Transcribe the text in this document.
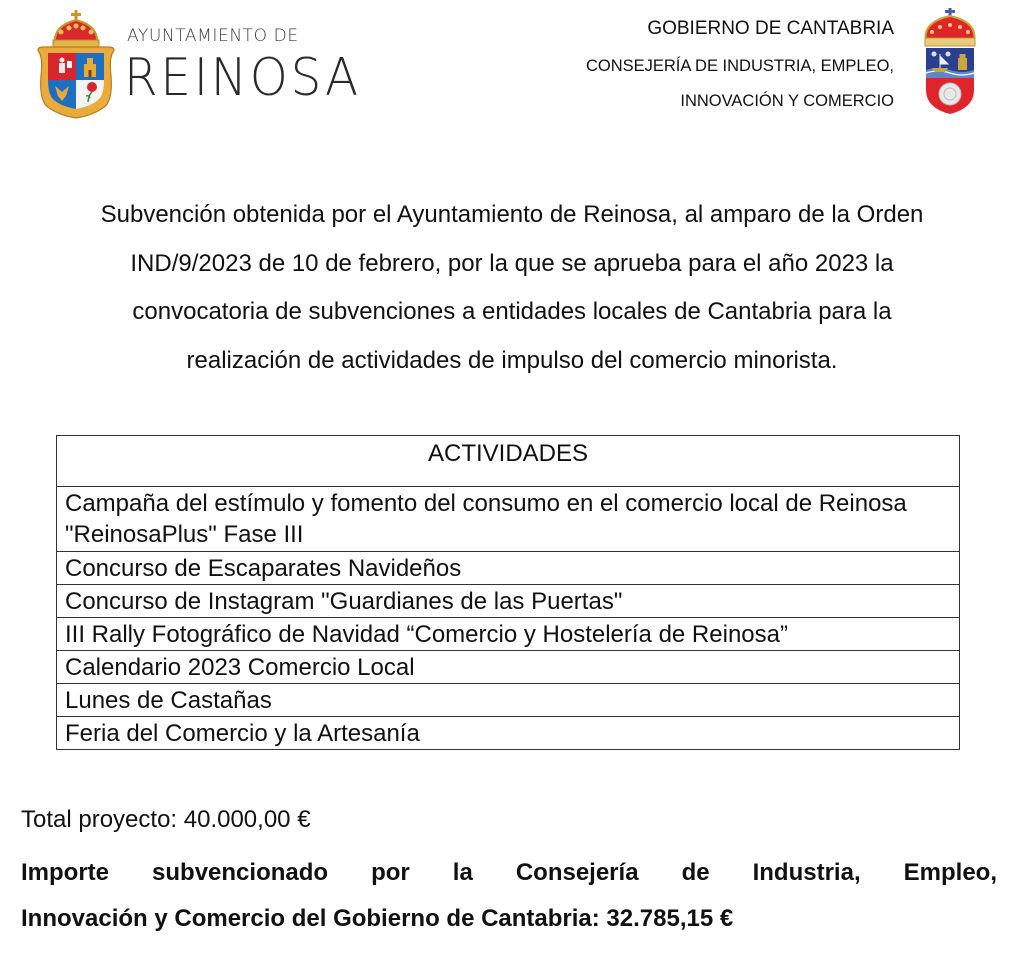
AYUNTAMIENTO DE
REINOSA
GOBIERNO DE CANTABRIA
CONSEJERÍA DE INDUSTRIA, EMPLEO,
INNOVACIÓN Y COMERCIO
Subvención obtenida por el Ayuntamiento de Reinosa, al amparo de la Orden
IND/9/2023 de 10 de febrero, por la que se aprueba para el año 2023 la
convocatoria de subvenciones a entidades locales de Cantabria para la
realización de actividades de impulso del comercio minorista.
ACTIVIDADES
Campaña del estímulo y fomento del consumo en el comercio local de Reinosa "ReinosaPlus" Fase III
Concurso de Escaparates Navideños
Concurso de Instagram "Guardianes de las Puertas"
III Rally Fotográfico de Navidad “Comercio y Hostelería de Reinosa”
Calendario 2023 Comercio Local
Lunes de Castañas
Feria del Comercio y la Artesanía
Total proyecto: 40.000,00 €
Importe subvencionado por la Consejería de Industria, Empleo,
Innovación y Comercio del Gobierno de Cantabria: 32.785,15 €
